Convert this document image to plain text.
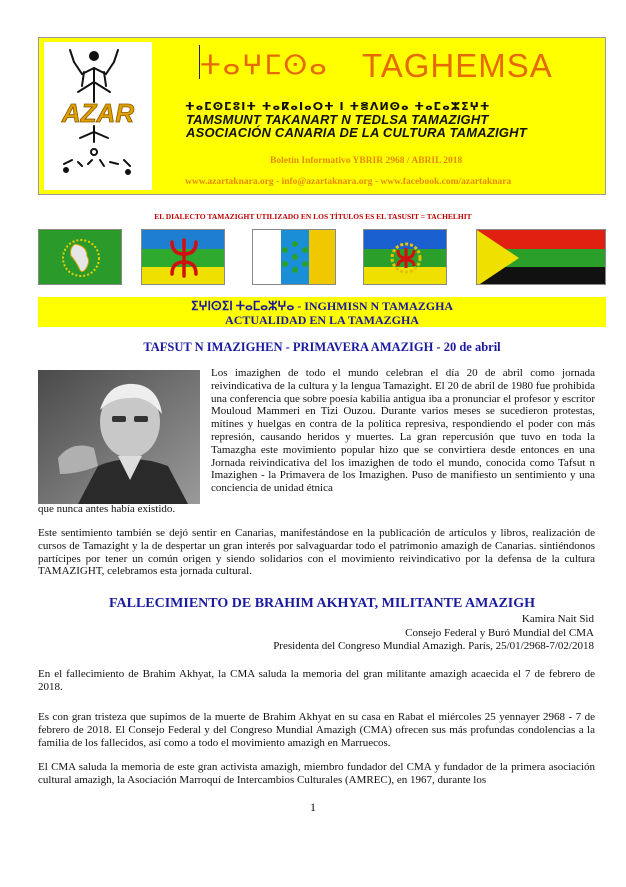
AZAR
ⵜⴰⵖⵎⵙⴰ TAGHEMSA
ⵜⴰⵎⵙⵎⵓⵏⵜ ⵜⴰⴽⴰⵏⴰⵔⵜ ⵏ ⵜⴻⴷⵍⵙⴰ ⵜⴰⵎⴰⵣⵉⵖⵜ
TAMSMUNT TAKANART N TEDLSA TAMAZIGHT
ASOCIACIÓN CANARIA DE LA CULTURA TAMAZIGHT
Boletín Informativo YBRIR 2968 / ABRIL 2018
www.azartaknara.org - info@azartaknara.org - www.facebook.com/azartaknara
EL DIALECTO TAMAZIGHT UTILIZADO EN LOS TÍTULOS ES EL TASUSIT = TACHELHIT
ⵉⵖⵏⵙⵉⵏ ⵜⴰⵎⴰⵣⵖⴰ - INGHMISN N TAMAZGHA
ACTUALIDAD EN LA TAMAZGHA
TAFSUT N IMAZIGHEN - PRIMAVERA AMAZIGH - 20 de abril
Los imazighen de todo el mundo celebran el día 20 de abril como jornada reivindicativa de la cultura y la lengua Tamazight. El 20 de abril de 1980 fue prohibida una conferencia que sobre poesía kabilia antigua iba a pronunciar el profesor y escritor Mouloud Mammeri en Tizi Ouzou. Durante varios meses se sucedieron protestas, mítines y huelgas en contra de la política represiva, respondiendo el poder con más represión, causando heridos y muertes. La gran repercusión que tuvo en toda la Tamazgha este movimiento popular hizo que se convirtiera desde entonces en una Jornada reivindicativa del los imazighen de todo el mundo, conocida como Tafsut n Imazighen - la Primavera de los Imazighen. Puso de manifiesto un sentimiento y una conciencia de unidad étnica
que nunca antes había existido.
Este sentimiento también se dejó sentir en Canarias, manifestándose en la publicación de artículos y libros, realización de cursos de Tamazight y la de despertar un gran interés por salvaguardar todo el patrimonio amazigh de Canarias. sintiéndonos partícipes por tener un común origen y siendo solidarios con el movimiento reivindicativo por la defensa de la cultura TAMAZIGHT, celebramos esta jornada cultural.
FALLECIMIENTO DE BRAHIM AKHYAT, MILITANTE AMAZIGH
Kamira Nait Sid
Consejo Federal y Buró Mundial del CMA
Presidenta del Congreso Mundial Amazigh. París, 25/01/2968-7/02/2018
En el fallecimiento de Brahim Akhyat, la CMA saluda la memoria del gran militante amazigh acaecida el 7 de febrero de 2018.
Es con gran tristeza que supimos de la muerte de Brahim Akhyat en su casa en Rabat el miércoles 25 yennayer 2968 - 7 de febrero de 2018. El Consejo Federal y del Congreso Mundial Amazigh (CMA) ofrecen sus más profundas condolencias a la familia de los fallecidos, así como a todo el movimiento amazigh en Marruecos.
El CMA saluda la memoria de este gran activista amazigh, miembro fundador del CMA y fundador de la primera asociación cultural amazigh, la Asociación Marroquí de Intercambios Culturales (AMREC), en 1967, durante los
1
